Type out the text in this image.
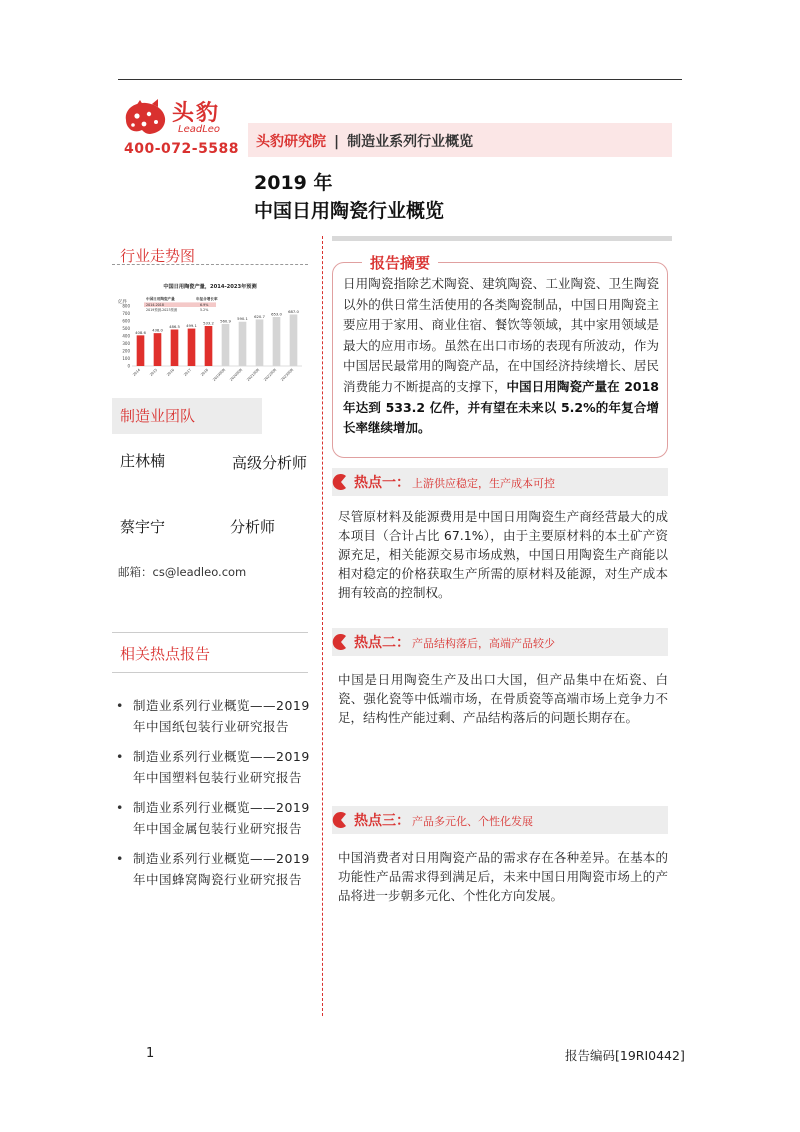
头豹
LeadLeo
400-072-5588 头豹研究院 | 制造业系列行业概览
2019 年
中国日用陶瓷行业概览
行业走势图
中国日用陶瓷产量，2014-2023年预测
亿件
中国日用陶瓷产量	年复合增长率
2014-2018	6.9%
2019预测-2023预测	5.2%
0
100
200
300
400
500
600
700
800
408.6
2014
438.0
2015
486.5
2016
499.1
2017
533.2
2018
560.9
2019预测
590.1
2020预测
620.7
2021预测
653.0
2022预测
687.0
2023预测
制造业团队
庄林楠	高级分析师
蔡宇宁	分析师
邮箱：cs@leadleo.com
相关热点报告
• 制造业系列行业概览——2019 年中国纸包装行业研究报告
• 制造业系列行业概览——2019 年中国塑料包装行业研究报告
• 制造业系列行业概览——2019 年中国金属包装行业研究报告
• 制造业系列行业概览——2019 年中国蜂窝陶瓷行业研究报告
报告摘要
日用陶瓷指除艺术陶瓷、建筑陶瓷、工业陶瓷、卫生陶瓷以外的供日常生活使用的各类陶瓷制品，中国日用陶瓷主要应用于家用、商业住宿、餐饮等领域，其中家用领域是最大的应用市场。虽然在出口市场的表现有所波动，作为中国居民最常用的陶瓷产品，在中国经济持续增长、居民消费能力不断提高的支撑下，中国日用陶瓷产量在 2018 年达到 533.2 亿件，并有望在未来以 5.2%的年复合增长率继续增加。
热点一： 上游供应稳定，生产成本可控
尽管原材料及能源费用是中国日用陶瓷生产商经营最大的成本项目（合计占比 67.1%），由于主要原材料的本土矿产资源充足，相关能源交易市场成熟，中国日用陶瓷生产商能以相对稳定的价格获取生产所需的原材料及能源，对生产成本拥有较高的控制权。
热点二： 产品结构落后，高端产品较少
中国是日用陶瓷生产及出口大国，但产品集中在炻瓷、白瓷、强化瓷等中低端市场，在骨质瓷等高端市场上竞争力不足，结构性产能过剩、产品结构落后的问题长期存在。
热点三： 产品多元化、个性化发展
中国消费者对日用陶瓷产品的需求存在各种差异。在基本的功能性产品需求得到满足后，未来中国日用陶瓷市场上的产品将进一步朝多元化、个性化方向发展。
1	报告编码[19RI0442]
